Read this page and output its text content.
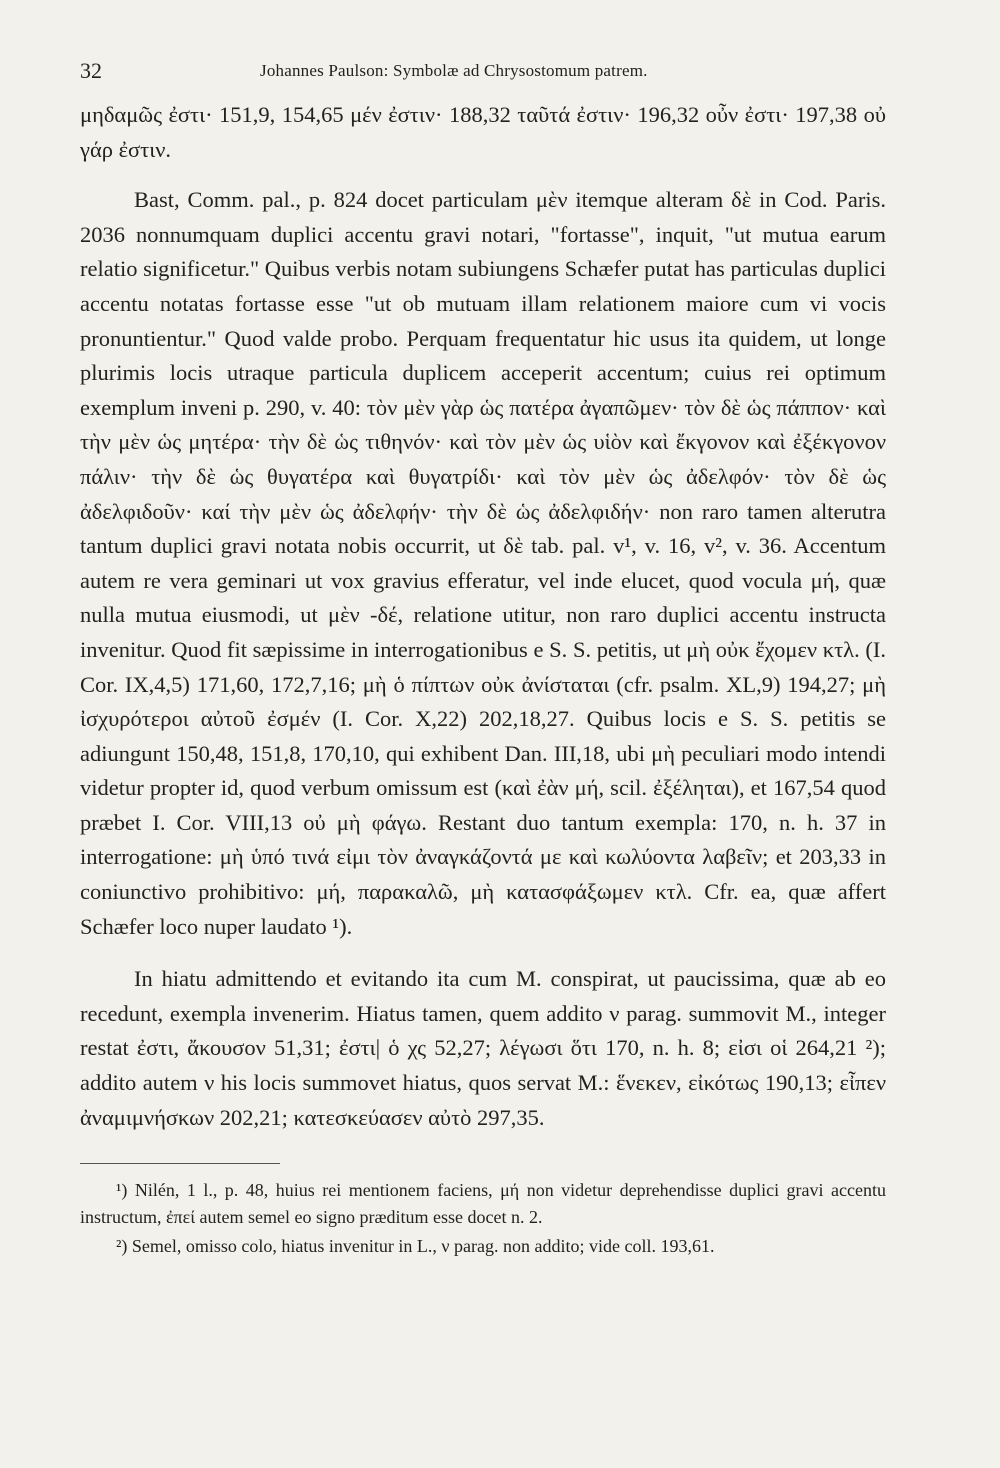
32	Johannes Paulson: Symbolæ ad Chrysostomum patrem.

μηδαμῶς ἐστι· 151,9, 154,65 μέν ἐστιν· 188,32 ταῦτά ἐστιν· 196,32 οὖν ἐστι· 197,38 οὐ γάρ ἐστιν.

Bast, Comm. pal., p. 824 docet particulam μὲν itemque alteram δὲ in Cod. Paris. 2036 nonnumquam duplici accentu gravi notari, "fortasse", inquit, "ut mutua earum relatio significetur." Quibus verbis notam subiungens Schæfer putat has particulas duplici accentu notatas fortasse esse "ut ob mutuam illam relationem maiore cum vi vocis pronuntientur." Quod valde probo. Perquam frequentatur hic usus ita quidem, ut longe plurimis locis utraque particula duplicem acceperit accentum; cuius rei optimum exemplum inveni p. 290, v. 40: τὸν μὲν γὰρ ὡς πατέρα ἀγαπῶμεν· τὸν δὲ ὡς πάππον· καὶ τὴν μὲν ὡς μητέρα· τὴν δὲ ὡς τιθηνόν· καὶ τὸν μὲν ὡς υἱὸν καὶ ἔκγονον καὶ ἐξέκγονον πάλιν· τὴν δὲ ὡς θυγατέρα καὶ θυγατρίδι· καὶ τὸν μὲν ὡς ἀδελφόν· τὸν δὲ ὡς ἀδελφιδοῦν· καί τὴν μὲν ὡς ἀδελφήν· τὴν δὲ ὡς ἀδελφιδήν· non raro tamen alterutra tantum duplici gravi notata nobis occurrit, ut δὲ tab. pal. v¹, v. 16, v², v. 36. Accentum autem re vera geminari ut vox gravius efferatur, vel inde elucet, quod vocula μή, quæ nulla mutua eiusmodi, ut μὲν -δέ, relatione utitur, non raro duplici accentu instructa invenitur. Quod fit sæpissime in interrogationibus e S. S. petitis, ut μὴ οὐκ ἔχομεν κτλ. (I. Cor. IX,4,5) 171,60, 172,7,16; μὴ ὁ πίπτων οὐκ ἀνίσταται (cfr. psalm. XL,9) 194,27; μὴ ἰσχυρότεροι αὐτοῦ ἐσμέν (I. Cor. X,22) 202,18,27. Quibus locis e S. S. petitis se adiungunt 150,48, 151,8, 170,10, qui exhibent Dan. III,18, ubi μὴ peculiari modo intendi videtur propter id, quod verbum omissum est (καὶ ἐὰν μή, scil. ἐξέληται), et 167,54 quod præbet I. Cor. VIII,13 οὐ μὴ φάγω. Restant duo tantum exempla: 170, n. h. 37 in interrogatione: μὴ ὑπό τινά εἰμι τὸν ἀναγκάζοντά με καὶ κωλύοντα λαβεῖν; et 203,33 in coniunctivo prohibitivo: μή, παρακαλῶ, μὴ κατασφάξωμεν κτλ. Cfr. ea, quæ affert Schæfer loco nuper laudato ¹).

In hiatu admittendo et evitando ita cum M. conspirat, ut paucissima, quæ ab eo recedunt, exempla invenerim. Hiatus tamen, quem addito ν parag. summovit M., integer restat ἐστι, ἄκουσον 51,31; ἐστι| ὁ χς 52,27; λέγωσι ὅτι 170, n. h. 8; εἰσι οἱ 264,21 ²); addito autem ν his locis summovet hiatus, quos servat M.: ἕνεκεν, εἰκότως 190,13; εἶπεν ἀναμιμνήσκων 202,21; κατεσκεύασεν αὐτὸ 297,35.

¹) Nilén, 1 l., p. 48, huius rei mentionem faciens, μή non videtur deprehendisse duplici gravi accentu instructum, ἐπεί autem semel eo signo præditum esse docet n. 2.

²) Semel, omisso colo, hiatus invenitur in L., ν parag. non addito; vide coll. 193,61.
